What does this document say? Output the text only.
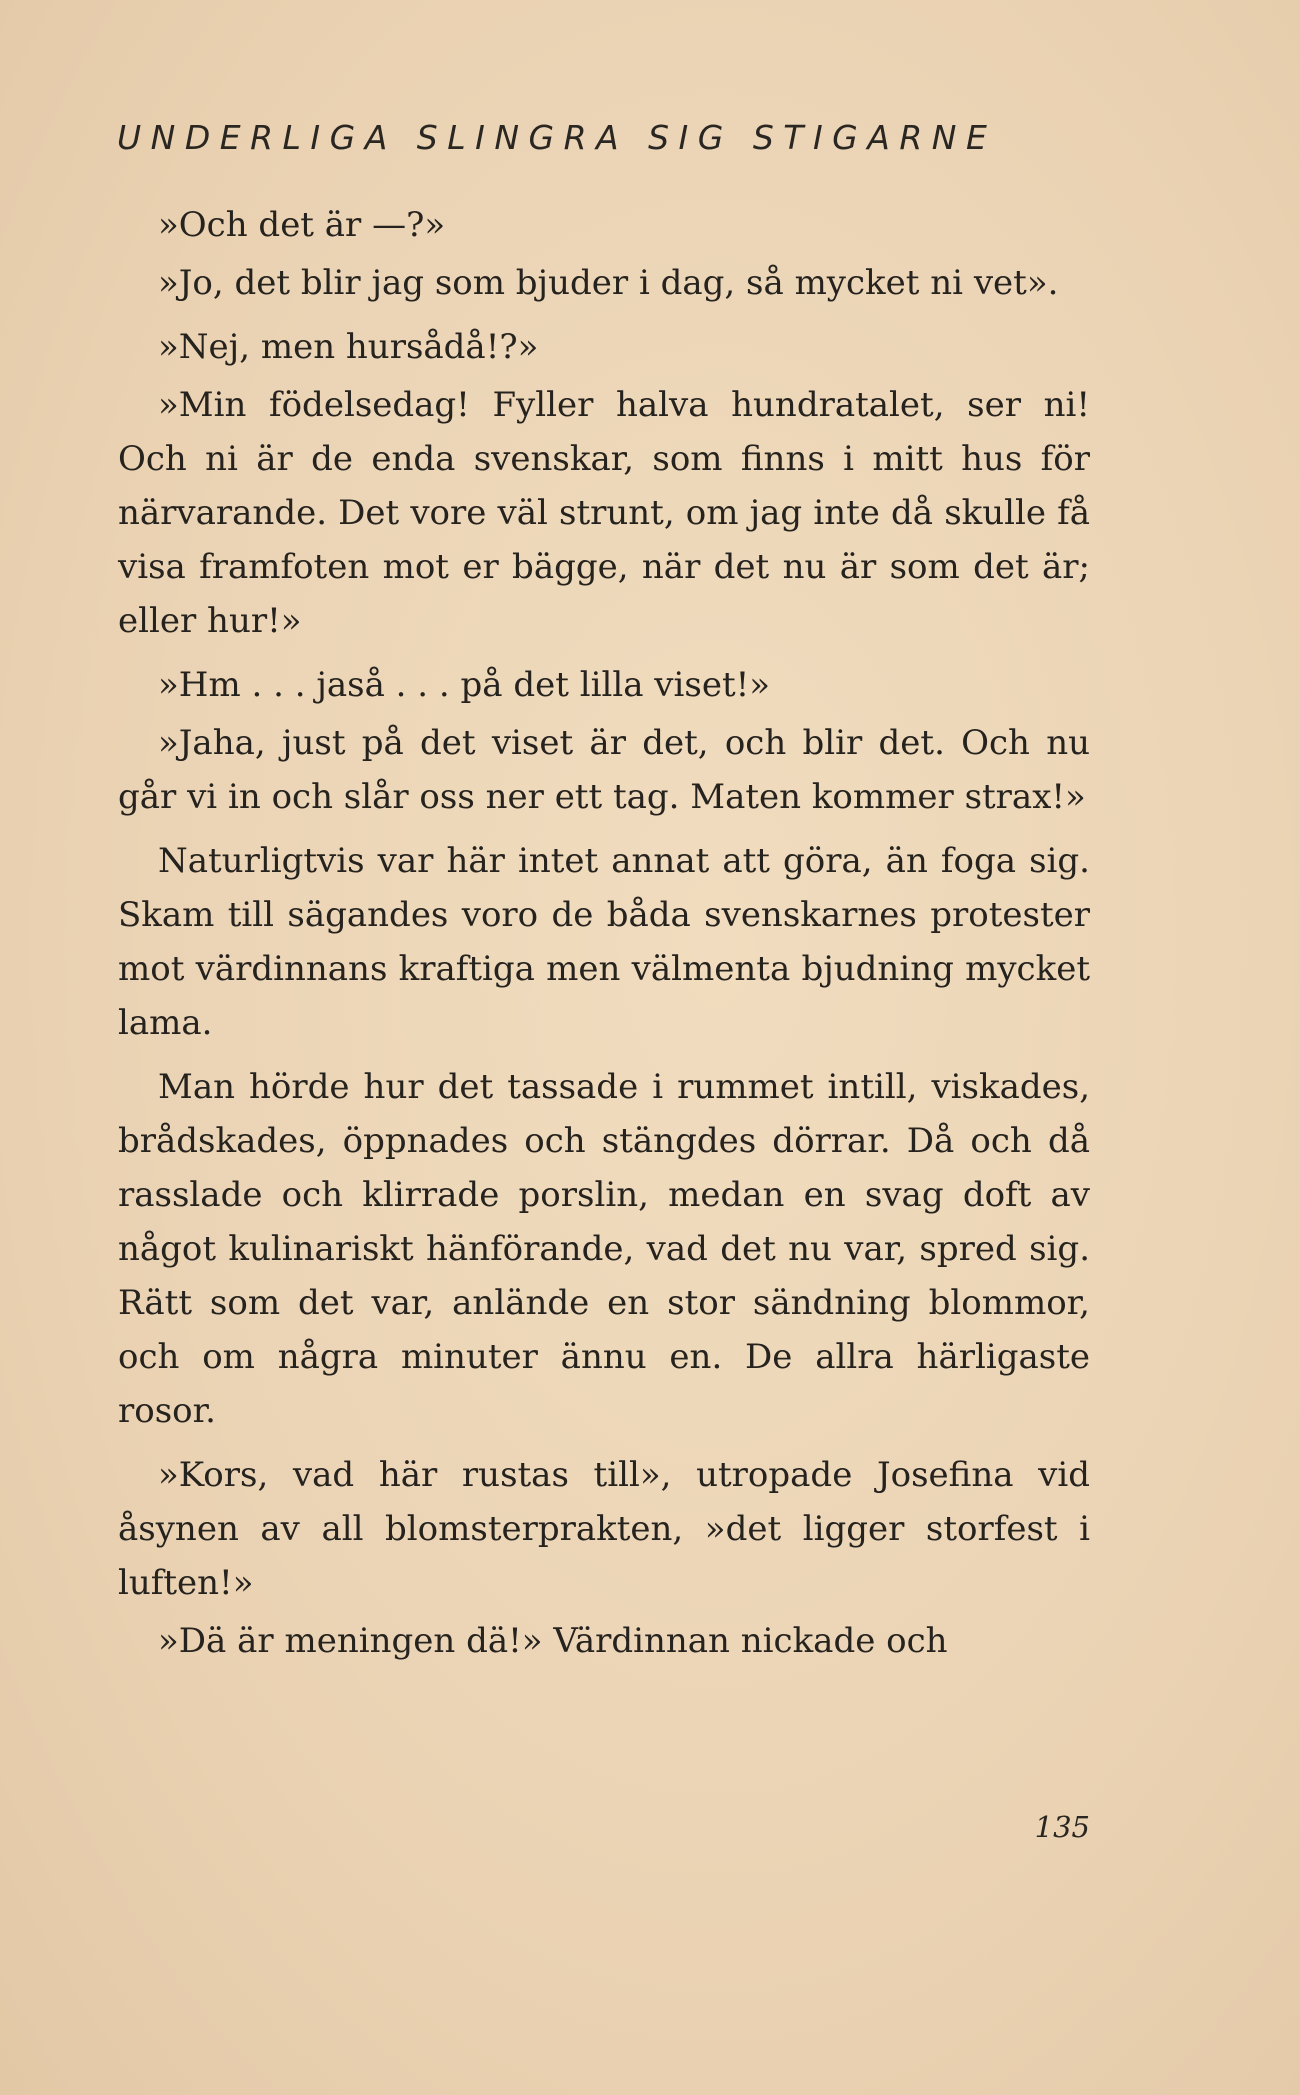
UNDERLIGA SLINGRA SIG STIGARNE

»Och det är —?»

»Jo, det blir jag som bjuder i dag, så mycket ni vet».

»Nej, men hursådå!?»

»Min födelsedag! Fyller halva hundratalet, ser ni! Och ni är de enda svenskar, som finns i mitt hus för närvarande. Det vore väl strunt, om jag inte då skulle få visa framfoten mot er bägge, när det nu är som det är; eller hur!»

»Hm . . . jaså . . . på det lilla viset!»

»Jaha, just på det viset är det, och blir det. Och nu går vi in och slår oss ner ett tag. Maten kommer strax!»

Naturligtvis var här intet annat att göra, än foga sig. Skam till sägandes voro de båda svenskarnes protester mot värdinnans kraftiga men välmenta bjudning mycket lama.

Man hörde hur det tassade i rummet intill, viskades, brådskades, öppnades och stängdes dörrar. Då och då rasslade och klirrade porslin, medan en svag doft av något kulinariskt hänförande, vad det nu var, spred sig. Rätt som det var, anlände en stor sändning blommor, och om några minuter ännu en. De allra härligaste rosor.

»Kors, vad här rustas till», utropade Josefina vid åsynen av all blomsterprakten, »det ligger storfest i luften!»

»Dä är meningen dä!» Värdinnan nickade och

135
